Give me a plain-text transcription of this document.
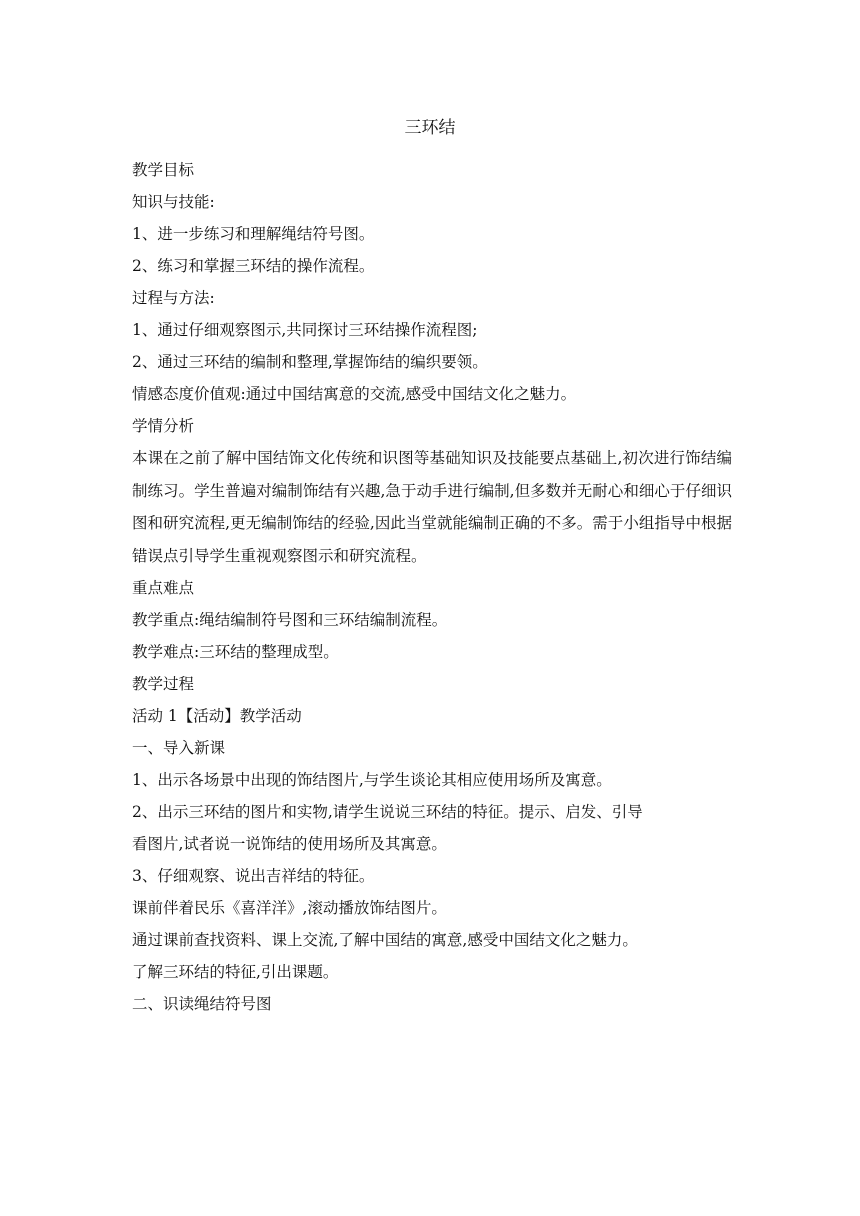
三环结
教学目标
知识与技能:
1、进一步练习和理解绳结符号图。
2、练习和掌握三环结的操作流程。
过程与方法:
1、通过仔细观察图示,共同探讨三环结操作流程图;
2、通过三环结的编制和整理,掌握饰结的编织要领。
情感态度价值观:通过中国结寓意的交流,感受中国结文化之魅力。
学情分析

本课在之前了解中国结饰文化传统和识图等基础知识及技能要点基础上,初次进行饰结编制练习。学生普遍对编制饰结有兴趣,急于动手进行编制,但多数并无耐心和细心于仔细识图和研究流程,更无编制饰结的经验,因此当堂就能编制正确的不多。需于小组指导中根据错误点引导学生重视观察图示和研究流程。

重点难点
教学重点:绳结编制符号图和三环结编制流程。
教学难点:三环结的整理成型。
教学过程
活动 1【活动】教学活动
一、导入新课
1、出示各场景中出现的饰结图片,与学生谈论其相应使用场所及寓意。
2、出示三环结的图片和实物,请学生说说三环结的特征。提示、启发、引导
看图片,试者说一说饰结的使用场所及其寓意。
3、仔细观察、说出吉祥结的特征。
课前伴着民乐《喜洋洋》,滚动播放饰结图片。
通过课前查找资料、课上交流,了解中国结的寓意,感受中国结文化之魅力。
了解三环结的特征,引出课题。
二、识读绳结符号图
